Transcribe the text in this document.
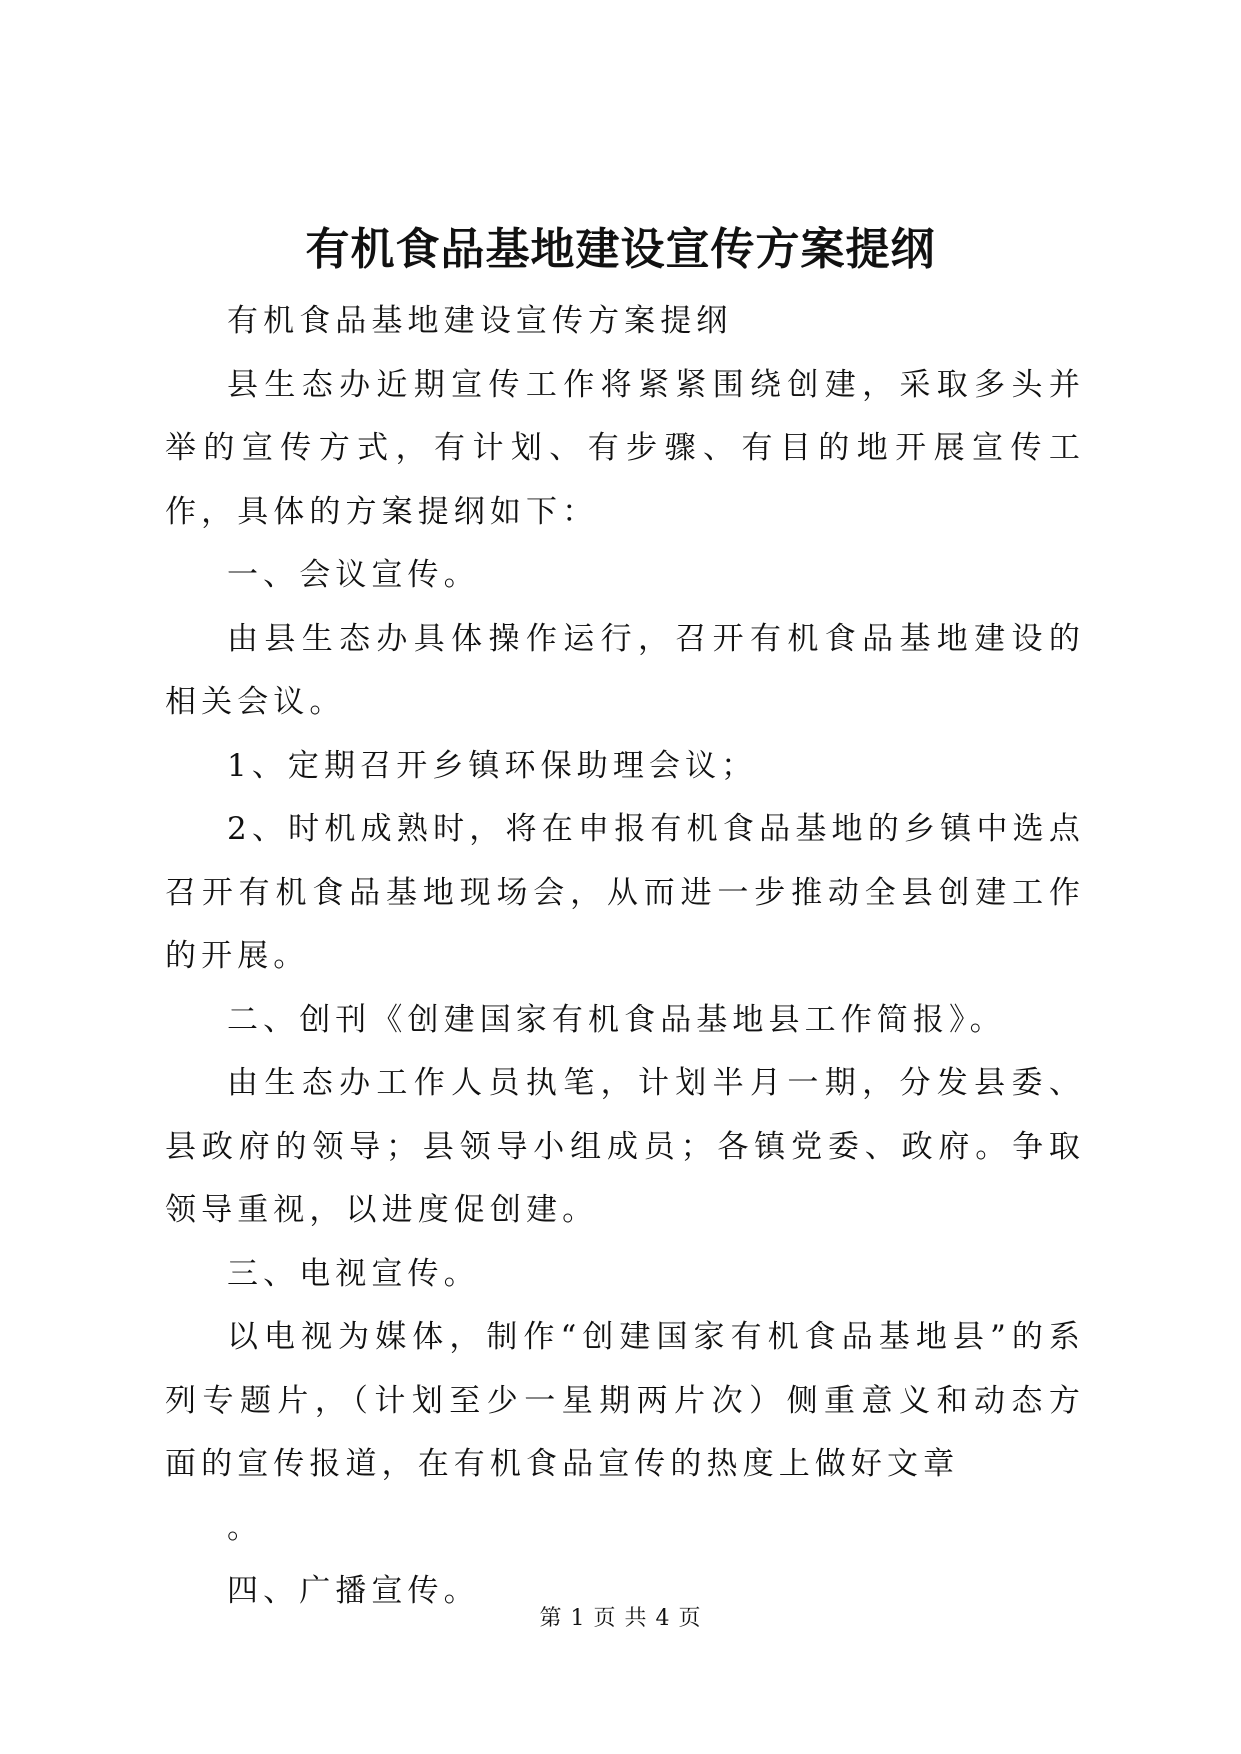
有机食品基地建设宣传方案提纲

有机食品基地建设宣传方案提纲

县生态办近期宣传工作将紧紧围绕创建，采取多头并举的宣传方式，有计划、有步骤、有目的地开展宣传工作，具体的方案提纲如下：

一、会议宣传。

由县生态办具体操作运行，召开有机食品基地建设的相关会议。

1、定期召开乡镇环保助理会议；

2、时机成熟时，将在申报有机食品基地的乡镇中选点召开有机食品基地现场会，从而进一步推动全县创建工作的开展。

二、创刊《创建国家有机食品基地县工作简报》。

由生态办工作人员执笔，计划半月一期，分发县委、县政府的领导；县领导小组成员；各镇党委、政府。争取领导重视，以进度促创建。

三、电视宣传。

以电视为媒体，制作“创建国家有机食品基地县”的系列专题片，（计划至少一星期两片次）侧重意义和动态方面的宣传报道，在有机食品宣传的热度上做好文章

。

四、广播宣传。

第 1 页 共 4 页
